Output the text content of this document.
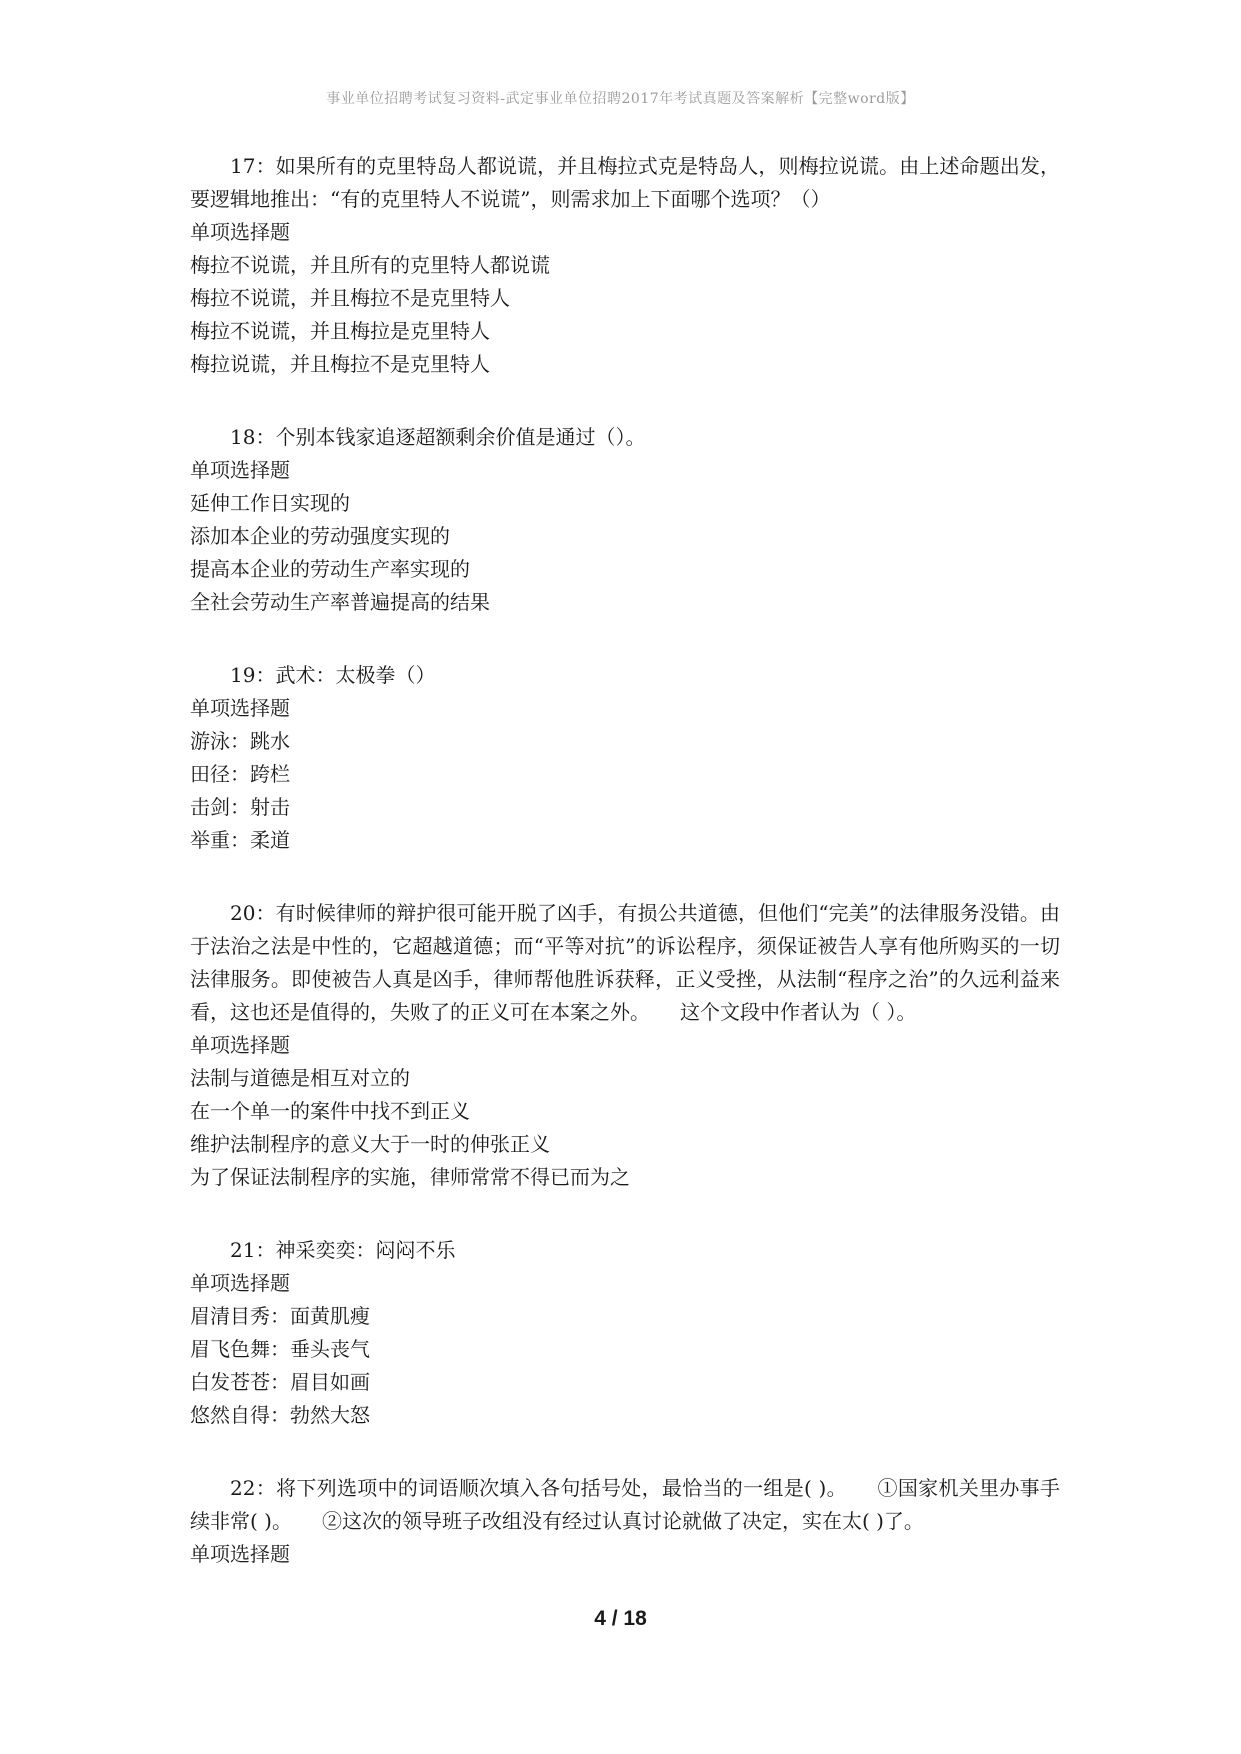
事业单位招聘考试复习资料-武定事业单位招聘2017年考试真题及答案解析【完整word版】

17：如果所有的克里特岛人都说谎，并且梅拉式克是特岛人，则梅拉说谎。由上述命题出发，要逻辑地推出：“有的克里特人不说谎”，则需求加上下面哪个选项？（）

单项选择题

梅拉不说谎，并且所有的克里特人都说谎

梅拉不说谎，并且梅拉不是克里特人

梅拉不说谎，并且梅拉是克里特人

梅拉说谎，并且梅拉不是克里特人

18：个别本钱家追逐超额剩余价值是通过（）。

单项选择题

延伸工作日实现的

添加本企业的劳动强度实现的

提高本企业的劳动生产率实现的

全社会劳动生产率普遍提高的结果

19：武术：太极拳（）

单项选择题

游泳：跳水

田径：跨栏

击剑：射击

举重：柔道

20：有时候律师的辩护很可能开脱了凶手，有损公共道德，但他们“完美”的法律服务没错。由于法治之法是中性的，它超越道德；而“平等对抗”的诉讼程序，须保证被告人享有他所购买的一切法律服务。即使被告人真是凶手，律师帮他胜诉获释，正义受挫，从法制“程序之治”的久远利益来看，这也还是值得的，失败了的正义可在本案之外。　　这个文段中作者认为（ ）。

单项选择题

法制与道德是相互对立的

在一个单一的案件中找不到正义

维护法制程序的意义大于一时的伸张正义

为了保证法制程序的实施，律师常常不得已而为之

21：神采奕奕：闷闷不乐

单项选择题

眉清目秀：面黄肌瘦

眉飞色舞：垂头丧气

白发苍苍：眉目如画

悠然自得：勃然大怒

22：将下列选项中的词语顺次填入各句括号处，最恰当的一组是( )。　　①国家机关里办事手续非常( )。　　②这次的领导班子改组没有经过认真讨论就做了决定，实在太( )了。

单项选择题

4 / 18
